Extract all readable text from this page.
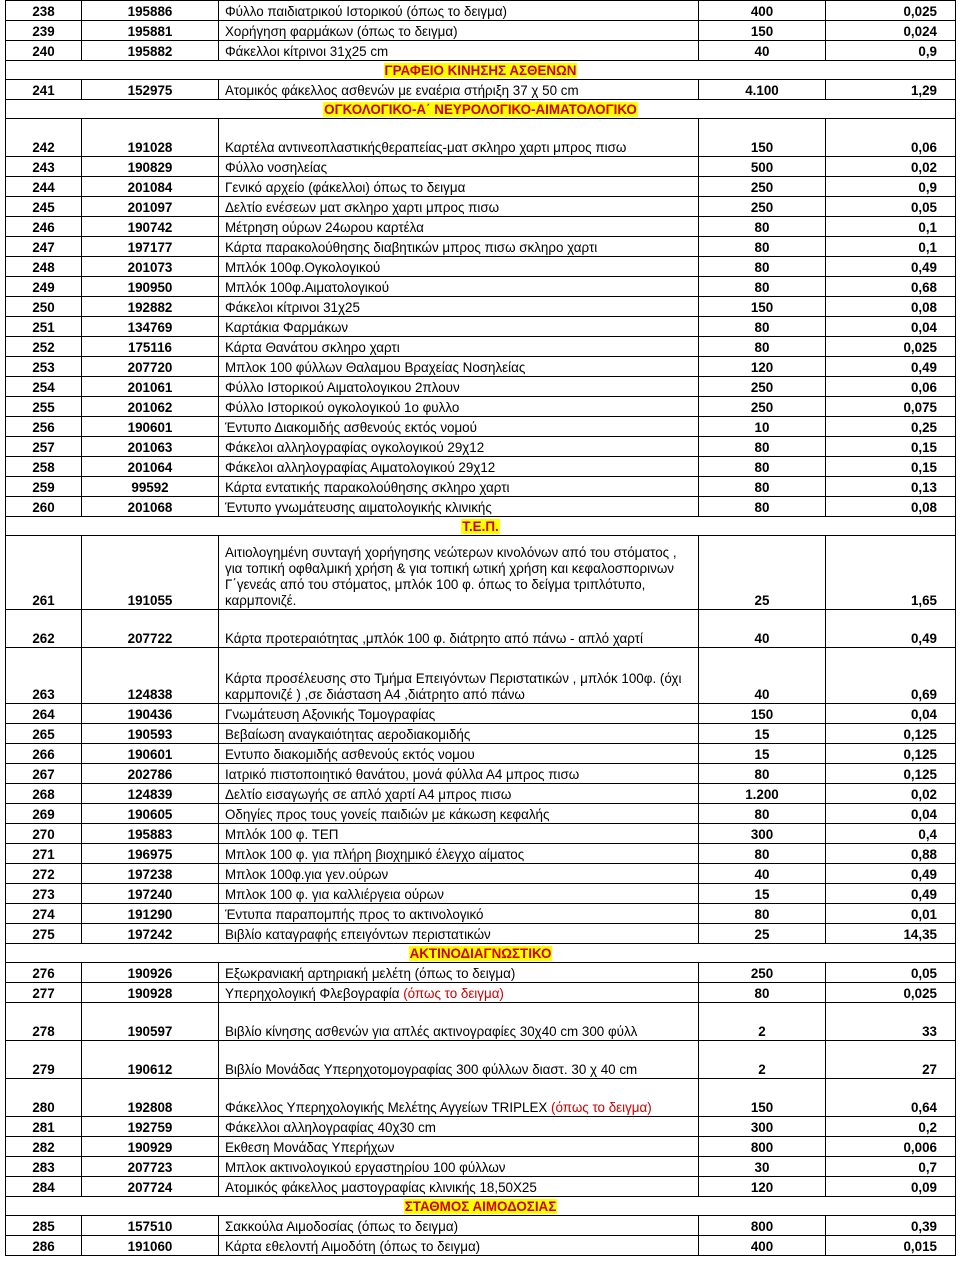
238	195886	Φύλλο παιδιατρικού Ιστορικού (όπως το δειγμα)	400	0,025
239	195881	Χορήγηση φαρμάκων (όπως το δειγμα)	150	0,024
240	195882	Φάκελλοι κίτρινοι 31χ25 cm	40	0,9
ΓΡΑΦΕΙΟ ΚΙΝΗΣΗΣ ΑΣΘΕΝΩΝ				
241	152975	Ατομικός φάκελλος ασθενών με εναέρια στήριξη 37 χ 50 cm	4.100	1,29
ΟΓΚΟΛΟΓΙΚΟ-Α΄ ΝΕΥΡΟΛΟΓΙΚΟ-ΑΙΜΑΤΟΛΟΓΙΚΟ				
242	191028	Καρτέλα αντινεοπλαστικήςθεραπείας-ματ σκληρο χαρτι μπρος πισω	150	0,06
243	190829	Φύλλο νοσηλείας	500	0,02
244	201084	Γενικό αρχείο (φάκελλοι) όπως το δειγμα	250	0,9
245	201097	Δελτίο ενέσεων ματ σκληρο χαρτι μπρος πισω	250	0,05
246	190742	Μέτρηση ούρων 24ωρου καρτέλα	80	0,1
247	197177	Κάρτα παρακολούθησης διαβητικών μπρος πισω σκληρο χαρτι	80	0,1
248	201073	Μπλόκ 100φ.Ογκολογικού	80	0,49
249	190950	Μπλόκ 100φ.Αιματολογικού	80	0,68
250	192882	Φάκελοι κίτρινοι 31χ25	150	0,08
251	134769	Καρτάκια Φαρμάκων	80	0,04
252	175116	Κάρτα Θανάτου σκληρο χαρτι	80	0,025
253	207720	Μπλοκ 100 φύλλων Θαλαμου Βραχείας Νοσηλείας	120	0,49
254	201061	Φύλλο Ιστορικού Αιματολογικου 2πλουν	250	0,06
255	201062	Φύλλο Ιστορικού ογκολογικού 1ο φυλλο	250	0,075
256	190601	Έντυπο Διακομιδής ασθενούς εκτός νομού	10	0,25
257	201063	Φάκελοι αλληλογραφίας ογκολογικού 29χ12	80	0,15
258	201064	Φάκελοι αλληλογραφίας Αιματολογικού 29χ12	80	0,15
259	99592	Κάρτα εντατικής παρακολούθησης σκληρο χαρτι	80	0,13
260	201068	Έντυπο γνωμάτευσης αιματολογικής κλινικής	80	0,08
Τ.Ε.Π.				
261	191055	Αιτιολογημένη συνταγή χορήγησης νεώτερων κινολόνων από του στόματος , για τοπική οφθαλμική χρήση & για τοπική ωτική χρήση και κεφαλοσπορινων Γ΄γενεάς από του στόματος, μπλόκ 100 φ. όπως το δείγμα τριπλότυπο, καρμπονιζέ.	25	1,65
262	207722	Κάρτα προτεραιότητας ,μπλόκ 100 φ. διάτρητο από πάνω - απλό χαρτί	40	0,49
263	124838	Κάρτα προσέλευσης στο Τμήμα Επειγόντων Περιστατικών , μπλόκ 100φ. (όχι καρμπονιζέ ) ,σε διάσταση Α4 ,διάτρητο από πάνω	40	0,69
264	190436	Γνωμάτευση Αξονικής Τομογραφίας	150	0,04
265	190593	Βεβαίωση αναγκαιότητας αεροδιακομιδής	15	0,125
266	190601	Εντυπο διακομιδής ασθενούς εκτός νομου	15	0,125
267	202786	Ιατρικό πιστοποιητικό θανάτου, μονά φύλλα Α4 μπρος πισω	80	0,125
268	124839	Δελτίο εισαγωγής σε απλό χαρτί Α4 μπρος πισω	1.200	0,02
269	190605	Οδηγίες προς τους γονείς παιδιών με κάκωση κεφαλής	80	0,04
270	195883	Μπλόκ 100 φ. ΤΕΠ	300	0,4
271	196975	Μπλοκ 100 φ. για πλήρη βιοχημικό έλεγχο αίματος	80	0,88
272	197238	Μπλοκ 100φ.για γεν.ούρων	40	0,49
273	197240	Μπλοκ 100 φ. για καλλιέργεια ούρων	15	0,49
274	191290	Έντυπα παραπομπής προς το ακτινολογικό	80	0,01
275	197242	Βιβλίο καταγραφής επειγόντων περιστατικών	25	14,35
ΑΚΤΙΝΟΔΙΑΓΝΩΣΤΙΚΟ				
276	190926	Εξωκρανιακή αρτηριακή μελέτη (όπως το δειγμα)	250	0,05
277	190928	Υπερηχολογική Φλεβογραφία (όπως το δειγμα)	80	0,025
278	190597	Βιβλίο κίνησης ασθενών για απλές ακτινογραφίες 30χ40 cm 300 φύλλ	2	33
279	190612	Βιβλίο Μονάδας Υπερηχοτομογραφίας 300 φύλλων διαστ. 30 χ 40 cm	2	27
280	192808	Φάκελλος Υπερηχολογικής Μελέτης Αγγείων TRIPLEX (όπως το δειγμα)	150	0,64
281	192759	Φάκελλοι αλληλογραφίας 40χ30 cm	300	0,2
282	190929	Εκθεση Μονάδας Υπερήχων	800	0,006
283	207723	Μπλοκ ακτινολογικού εργαστηρίου 100 φύλλων	30	0,7
284	207724	Ατομικός φάκελλος μαστογραφίας κλινικής 18,50Χ25	120	0,09
ΣΤΑΘΜΟΣ ΑΙΜΟΔΟΣΙΑΣ				
285	157510	Σακκούλα Αιμοδοσίας (όπως το δειγμα)	800	0,39
286	191060	Κάρτα εθελοντή Αιμοδότη (όπως το δειγμα)	400	0,015
